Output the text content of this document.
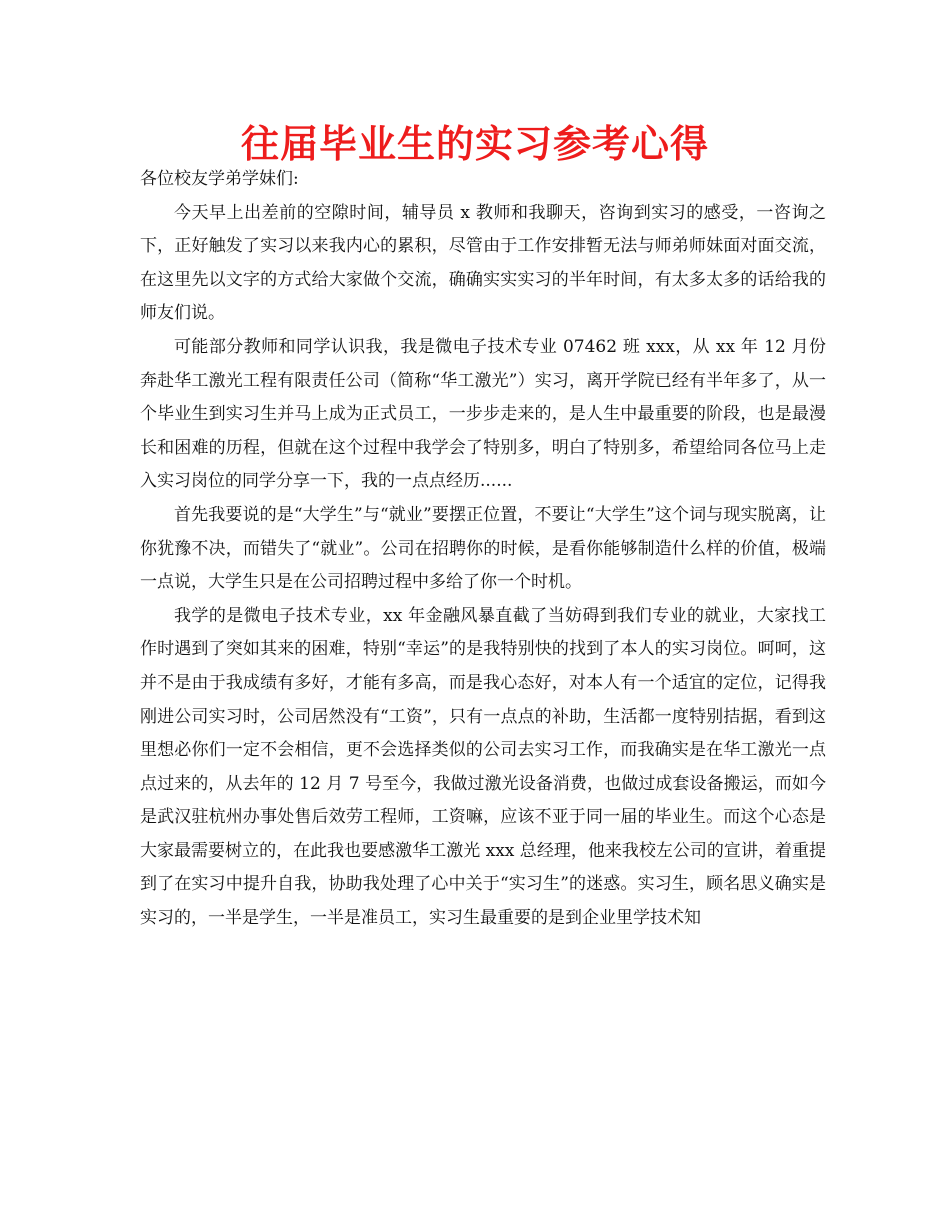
往届毕业生的实习参考心得

各位校友学弟学妹们:

今天早上出差前的空隙时间，辅导员 x 教师和我聊天，咨询到实习的感受，一咨询之下，正好触发了实习以来我内心的累积，尽管由于工作安排暂无法与师弟师妹面对面交流，在这里先以文字的方式给大家做个交流，确确实实实习的半年时间，有太多太多的话给我的师友们说。

可能部分教师和同学认识我，我是微电子技术专业 07462 班 xxx，从 xx 年 12 月份奔赴华工激光工程有限责任公司（简称“华工激光”）实习，离开学院已经有半年多了，从一个毕业生到实习生并马上成为正式员工，一步步走来的，是人生中最重要的阶段，也是最漫长和困难的历程，但就在这个过程中我学会了特别多，明白了特别多，希望给同各位马上走入实习岗位的同学分享一下，我的一点点经历......

首先我要说的是“大学生”与“就业”要摆正位置，不要让“大学生”这个词与现实脱离，让你犹豫不决，而错失了“就业”。公司在招聘你的时候，是看你能够制造什么样的价值，极端一点说，大学生只是在公司招聘过程中多给了你一个时机。

我学的是微电子技术专业，xx 年金融风暴直截了当妨碍到我们专业的就业，大家找工作时遇到了突如其来的困难，特别“幸运”的是我特别快的找到了本人的实习岗位。呵呵，这并不是由于我成绩有多好，才能有多高，而是我心态好，对本人有一个适宜的定位，记得我刚进公司实习时，公司居然没有“工资”，只有一点点的补助，生活都一度特别拮据，看到这里想必你们一定不会相信，更不会选择类似的公司去实习工作，而我确实是在华工激光一点点过来的，从去年的 12 月 7 号至今，我做过激光设备消费，也做过成套设备搬运，而如今是武汉驻杭州办事处售后效劳工程师，工资嘛，应该不亚于同一届的毕业生。而这个心态是大家最需要树立的，在此我也要感激华工激光 xxx 总经理，他来我校左公司的宣讲，着重提到了在实习中提升自我，协助我处理了心中关于“实习生”的迷惑。实习生，顾名思义确实是实习的，一半是学生，一半是准员工，实习生最重要的是到企业里学技术知
